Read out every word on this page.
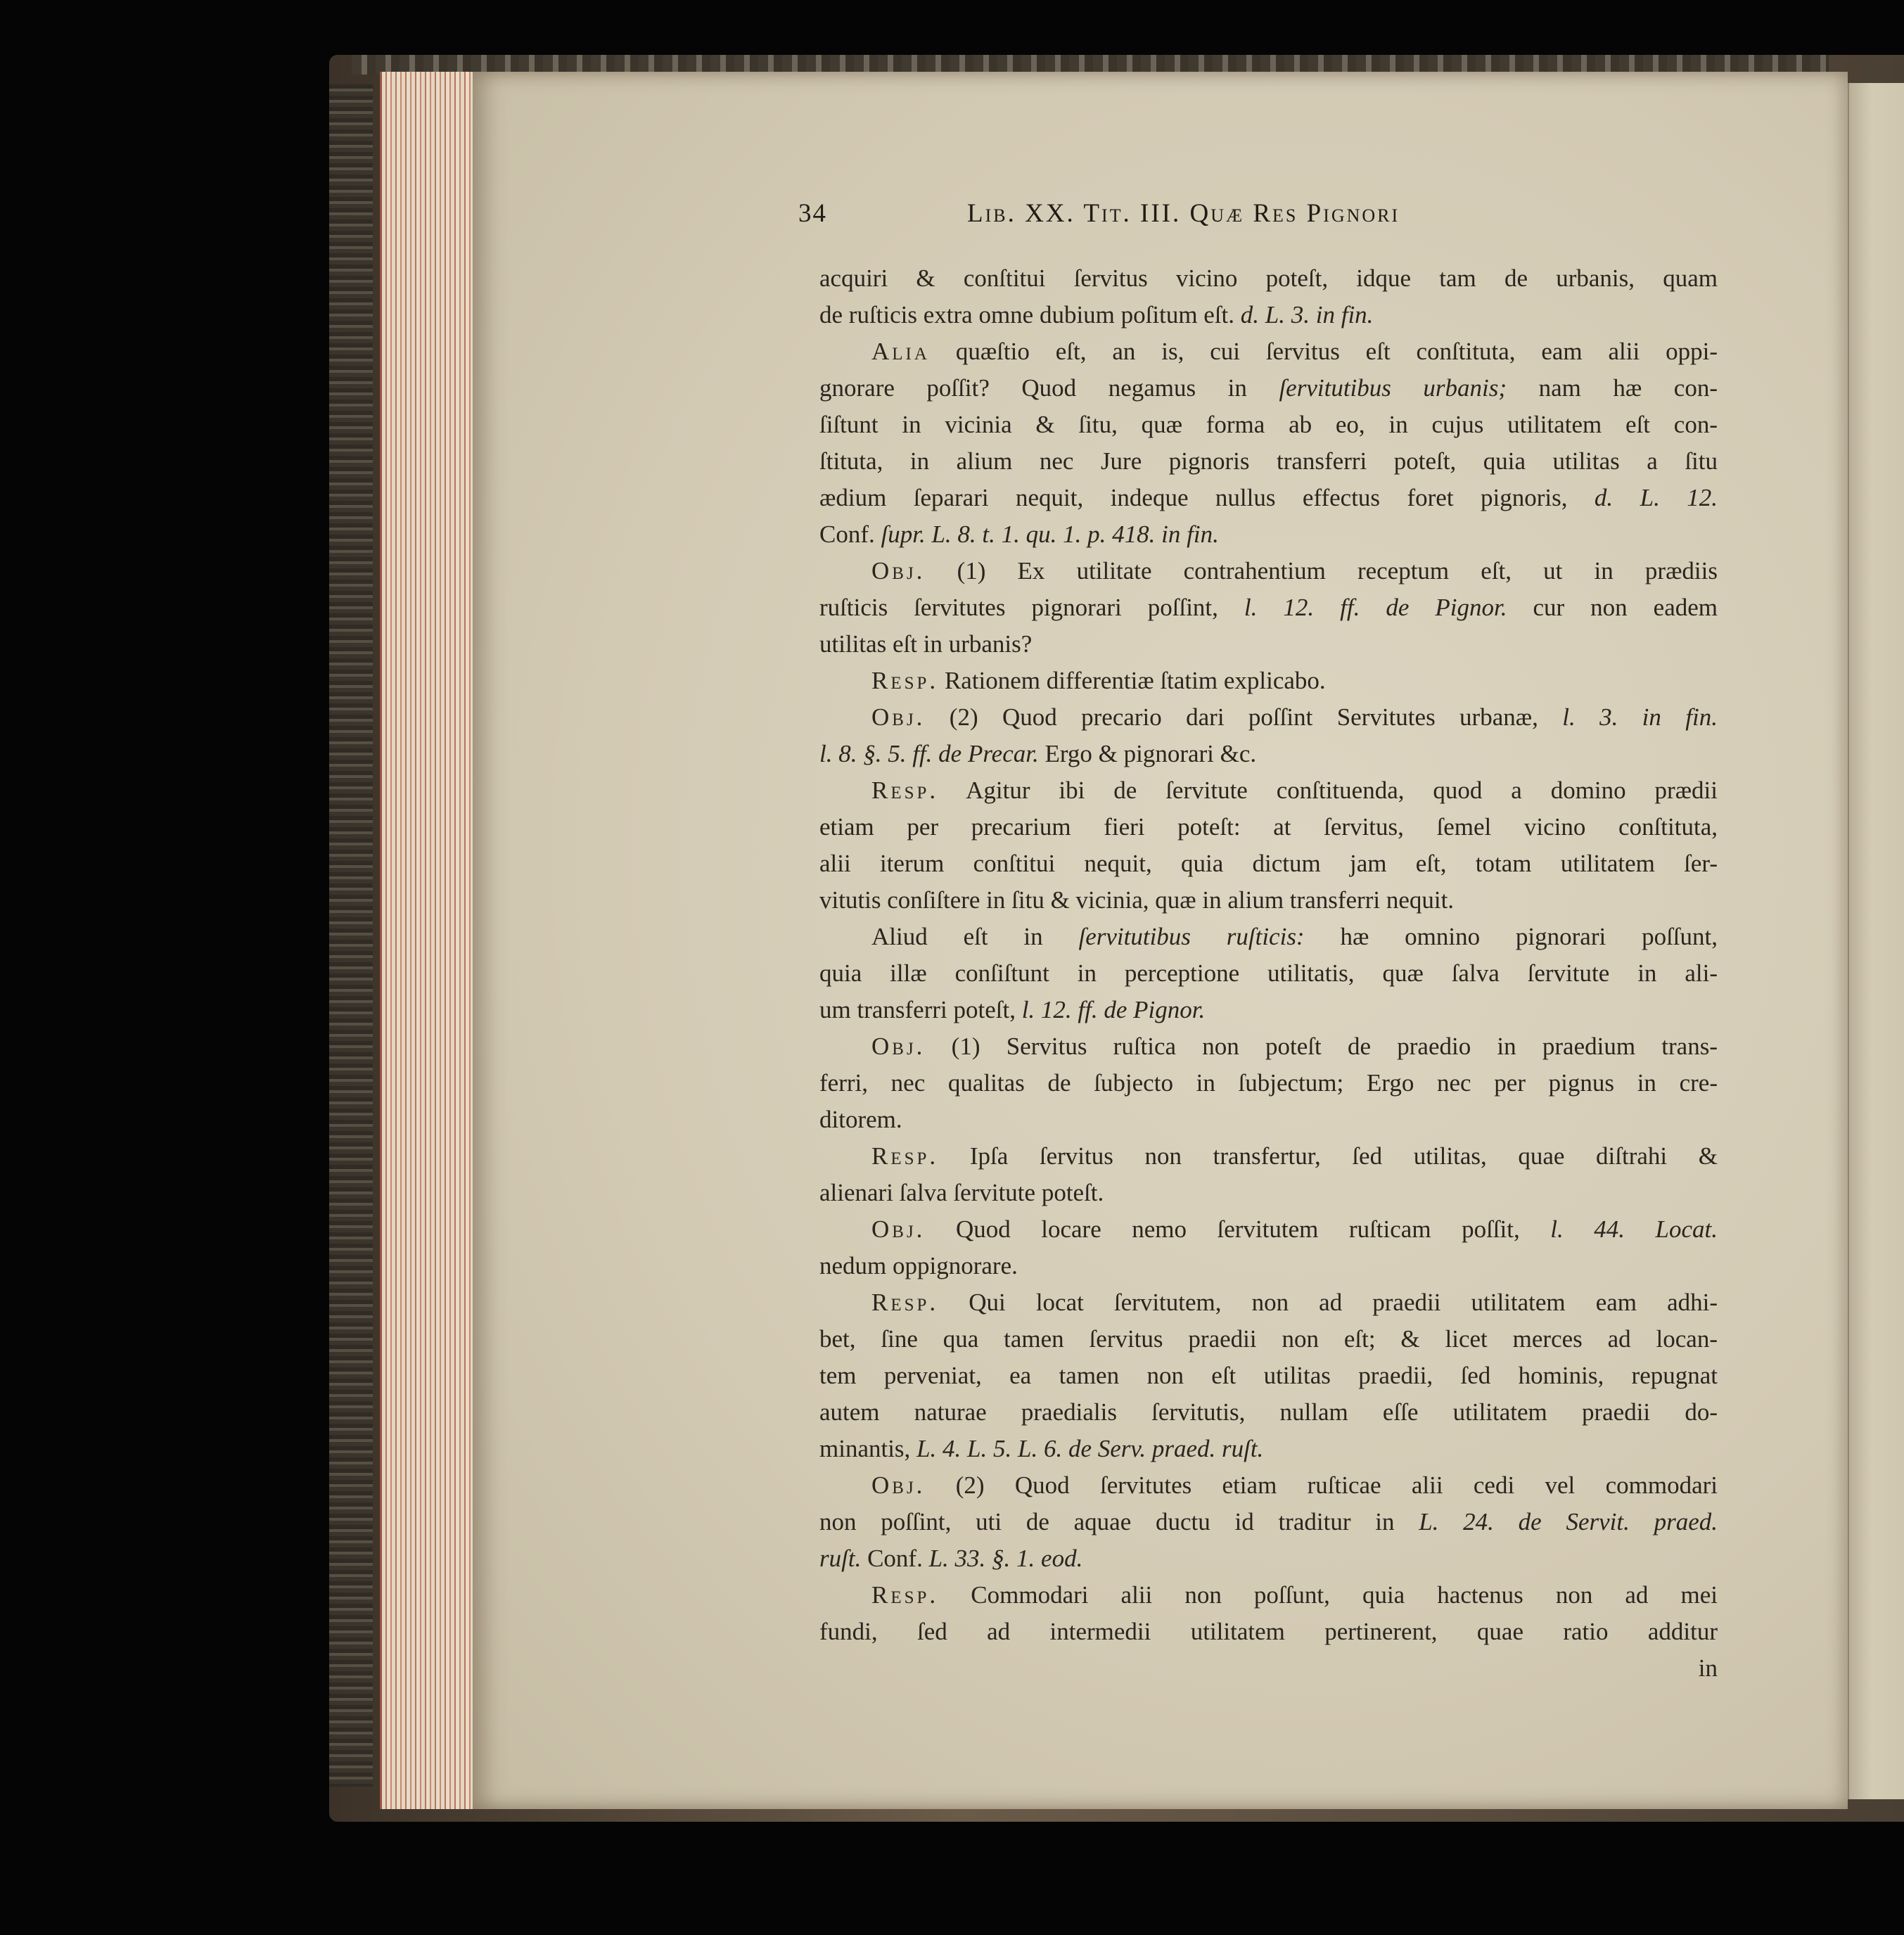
34	Lib. XX. Tit. III. Quæ Res Pignori
acquiri & conſtitui ſervitus vicino poteſt, idque tam de urbanis, quam
de ruſticis extra omne dubium poſitum eſt. d. L. 3. in fin.
Alia quæſtio eſt, an is, cui ſervitus eſt conſtituta, eam alii oppi-
gnorare poſſit? Quod negamus in ſervitutibus urbanis; nam hæ con-
ſiſtunt in vicinia & ſitu, quæ forma ab eo, in cujus utilitatem eſt con-
ſtituta, in alium nec Jure pignoris transferri poteſt, quia utilitas a ſitu
ædium ſeparari nequit, indeque nullus effectus foret pignoris, d. L. 12.
Conf. ſupr. L. 8. t. 1. qu. 1. p. 418. in fin.
Obj. (1) Ex utilitate contrahentium receptum eſt, ut in prædiis
ruſticis ſervitutes pignorari poſſint, l. 12. ff. de Pignor. cur non eadem
utilitas eſt in urbanis?
Resp. Rationem differentiæ ſtatim explicabo.
Obj. (2) Quod precario dari poſſint Servitutes urbanæ, l. 3. in fin.
l. 8. §. 5. ff. de Precar. Ergo & pignorari &c.
Resp. Agitur ibi de ſervitute conſtituenda, quod a domino prædii
etiam per precarium fieri poteſt: at ſervitus, ſemel vicino conſtituta,
alii iterum conſtitui nequit, quia dictum jam eſt, totam utilitatem ſer-
vitutis conſiſtere in ſitu & vicinia, quæ in alium transferri nequit.
Aliud eſt in ſervitutibus ruſticis: hæ omnino pignorari poſſunt,
quia illæ conſiſtunt in perceptione utilitatis, quæ ſalva ſervitute in ali-
um transferri poteſt, l. 12. ff. de Pignor.
Obj. (1) Servitus ruſtica non poteſt de praedio in praedium trans-
ferri, nec qualitas de ſubjecto in ſubjectum; Ergo nec per pignus in cre-
ditorem.
Resp. Ipſa ſervitus non transfertur, ſed utilitas, quae diſtrahi &
alienari ſalva ſervitute poteſt.
Obj. Quod locare nemo ſervitutem ruſticam poſſit, l. 44. Locat.
nedum oppignorare.
Resp. Qui locat ſervitutem, non ad praedii utilitatem eam adhi-
bet, ſine qua tamen ſervitus praedii non eſt; & licet merces ad locan-
tem perveniat, ea tamen non eſt utilitas praedii, ſed hominis, repugnat
autem naturae praedialis ſervitutis, nullam eſſe utilitatem praedii do-
minantis, L. 4. L. 5. L. 6. de Serv. praed. ruſt.
Obj. (2) Quod ſervitutes etiam ruſticae alii cedi vel commodari
non poſſint, uti de aquae ductu id traditur in L. 24. de Servit. praed.
ruſt. Conf. L. 33. §. 1. eod.
Resp. Commodari alii non poſſunt, quia hactenus non ad mei
fundi, ſed ad intermedii utilitatem pertinerent, quae ratio additur
in
